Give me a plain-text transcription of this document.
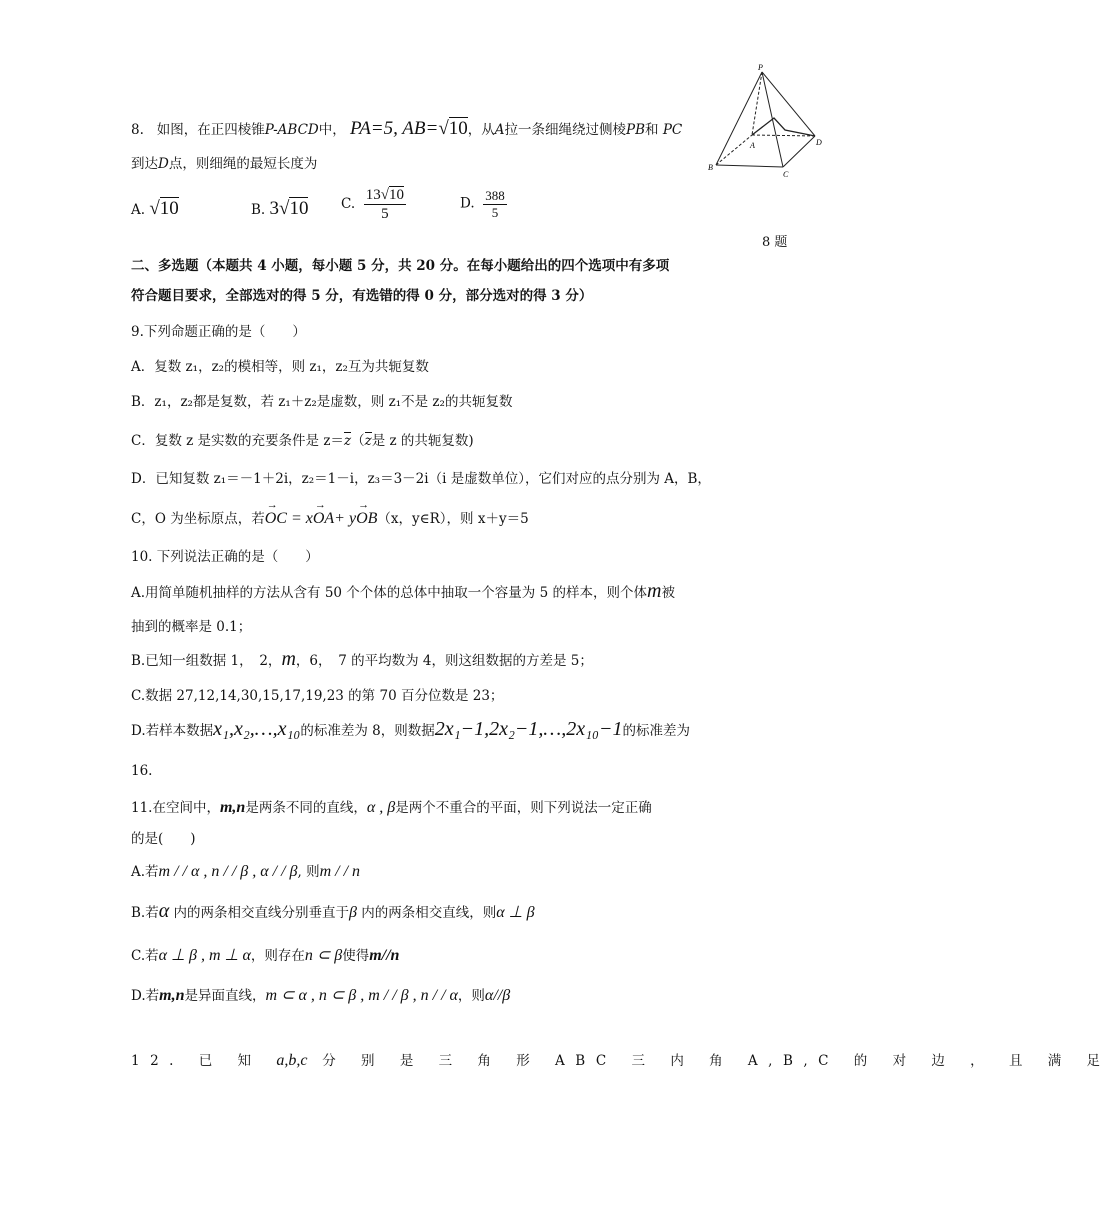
P
A
B
C
D
8 题
8. 如图，在正四棱锥P-ABCD中， PA=5, AB=√10，从A拉一条细绳绕过侧棱PB和 PC
到达D点，则细绳的最短长度为
A. √10	B. 3√10 C. $\frac{13√10}{5}$	D. $\frac{388}{5}$
二、多选题（本题共 4 小题，每小题 5 分，共 20 分。在每小题给出的四个选项中有多项
符合题目要求，全部选对的得 5 分，有选错的得 0 分，部分选对的得 3 分）
9.下列命题正确的是（　　）
A．复数 z₁，z₂的模相等，则 z₁，z₂互为共轭复数
B．z₁，z₂都是复数，若 z₁＋z₂是虚数，则 z₁不是 z₂的共轭复数
C．复数 z 是实数的充要条件是 z＝z（z是 z 的共轭复数)
D．已知复数 z₁＝－1＋2i，z₂＝1－i，z₃＝3－2i（i 是虚数单位），它们对应的点分别为 A，B，
C，O 为坐标原点，若→ OC = x→ OA+ y→ OB（x，y∈R），则 x＋y＝5
10. 下列说法正确的是（　　）
A.用简单随机抽样的方法从含有 50 个个体的总体中抽取一个容量为 5 的样本，则个体m被
抽到的概率是 0.1；
B.已知一组数据 1，　2，m，6，　7 的平均数为 4，则这组数据的方差是 5；
C.数据 27,12,14,30,15,17,19,23 的第 70 百分位数是 23；
D.若样本数据x₁,x₂,…,x₁₀的标准差为 8，则数据2x₁−1,2x₂−1,…,2x₁₀−1的标准差为
16.
11.在空间中，m,n是两条不同的直线，α , β是两个不重合的平面，则下列说法一定正确
的是(　　)
A.若m / / α , n / / β , α / / β, 则m / / n
B.若α 内的两条相交直线分别垂直于β 内的两条相交直线，则α ⊥ β
C.若α ⊥ β , m ⊥ α，则存在n ⊂ β使得m//n
D.若m,n是异面直线，m ⊂ α , n ⊂ β , m / / β , n / / α，则α//β
12. 已 知 a,b,c 分 别 是 三 角 形 ABC 三 内 角 A,B,C 的 对 边 ， 且 满 足
